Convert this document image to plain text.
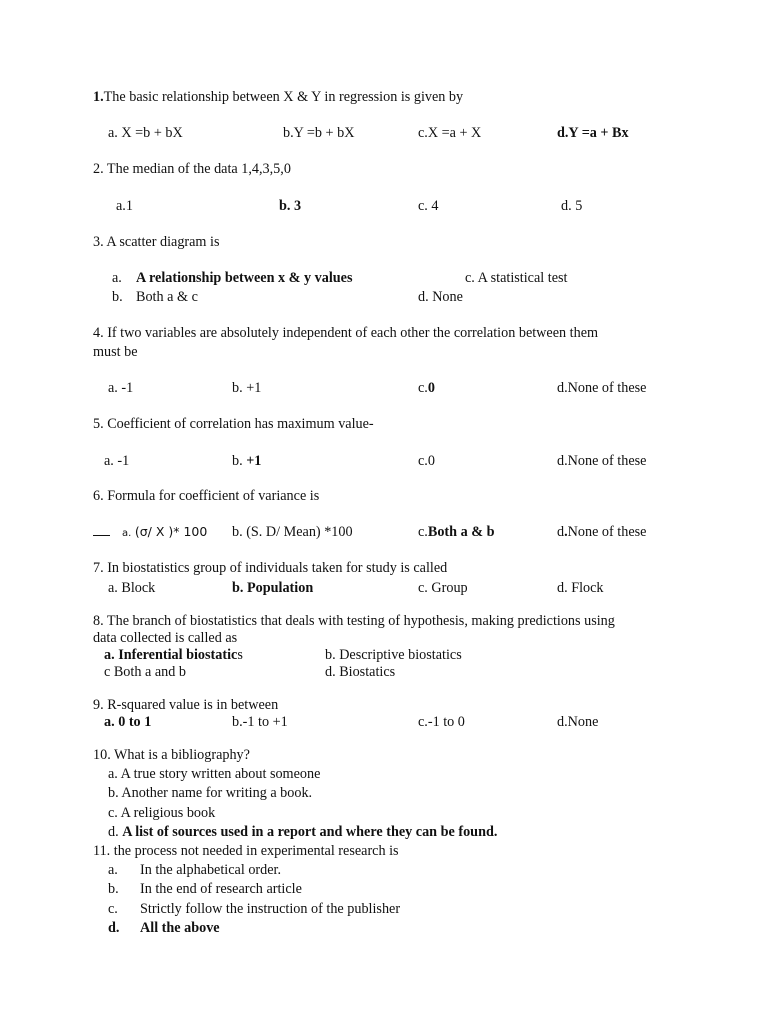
1.The basic relationship between X & Y in regression is given by
a. X =b + bX	b.Y =b + bX	c.X =a + X	d.Y =a + Bx
2. The median of the data 1,4,3,5,0
a.1	b. 3	c. 4	d. 5
3. A scatter diagram is
a. A relationship between x & y values	c. A statistical test
b. Both a & c	d. None
4. If two variables are absolutely independent of each other the correlation between them
must be
a. -1	b. +1	c.0	d.None of these
5. Coefficient of correlation has maximum value-
a. -1	b. +1	c.0	d.None of these
6. Formula for coefficient of variance is
a. (σ/ X )* 100 b. (S. D/ Mean) *100	c.Both a & b	d.None of these
7. In biostatistics group of individuals taken for study is called
a. Block	b. Population	c. Group	d. Flock
8. The branch of biostatistics that deals with testing of hypothesis, making predictions using
data collected is called as
a. Inferential biostatics	b. Descriptive biostatics
c Both a and b	d. Biostatics
9. R-squared value is in between
a. 0 to 1	b.-1 to +1	c.-1 to 0	d.None
10. What is a bibliography?
a. A true story written about someone
b. Another name for writing a book.
c. A religious book
d. A list of sources used in a report and where they can be found.
11. the process not needed in experimental research is
a. In the alphabetical order.
b. In the end of research article
c. Strictly follow the instruction of the publisher
d. All the above
